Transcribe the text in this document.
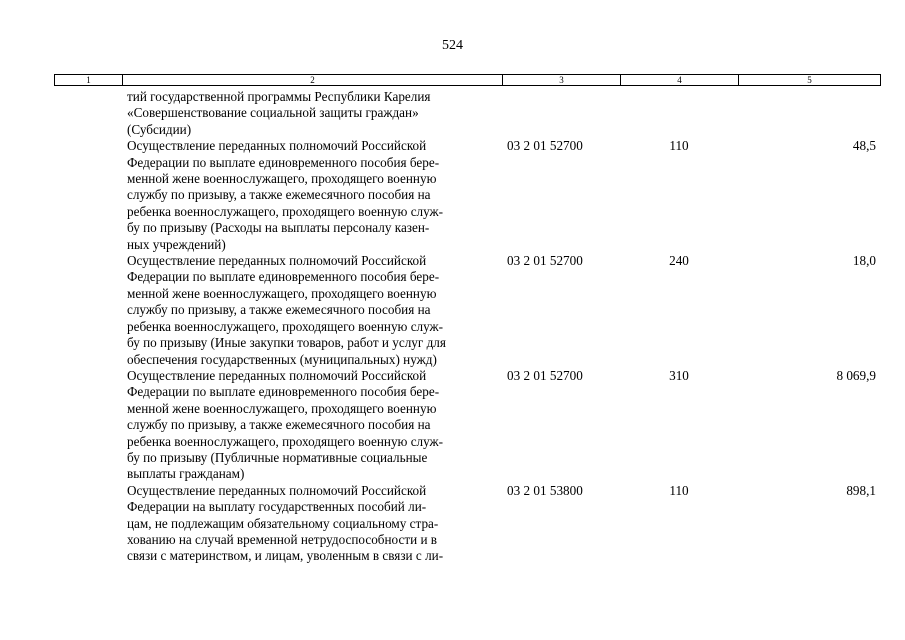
524
1	2	3	4	5
тий государственной программы Республики Карелия
«Совершенствование социальной защиты граждан»
(Субсидии)
Осуществление переданных полномочий Российской
Федерации по выплате единовременного пособия бере-
менной жене военнослужащего, проходящего военную
службу по призыву, а также ежемесячного пособия на
ребенка военнослужащего, проходящего военную служ-
бу по призыву (Расходы на выплаты персоналу казен-
ных учреждений)
03 2 01 52700	110	48,5
Осуществление переданных полномочий Российской
Федерации по выплате единовременного пособия бере-
менной жене военнослужащего, проходящего военную
службу по призыву, а также ежемесячного пособия на
ребенка военнослужащего, проходящего военную служ-
бу по призыву (Иные закупки товаров, работ и услуг для
обеспечения государственных (муниципальных) нужд)
03 2 01 52700	240	18,0
Осуществление переданных полномочий Российской
Федерации по выплате единовременного пособия бере-
менной жене военнослужащего, проходящего военную
службу по призыву, а также ежемесячного пособия на
ребенка военнослужащего, проходящего военную служ-
бу по призыву (Публичные нормативные социальные
выплаты гражданам)
03 2 01 52700	310	8 069,9
Осуществление переданных полномочий Российской
Федерации на выплату государственных пособий ли-
цам, не подлежащим обязательному социальному стра-
хованию на случай временной нетрудоспособности и в
связи с материнством, и лицам, уволенным в связи с ли-
03 2 01 53800	110	898,1
